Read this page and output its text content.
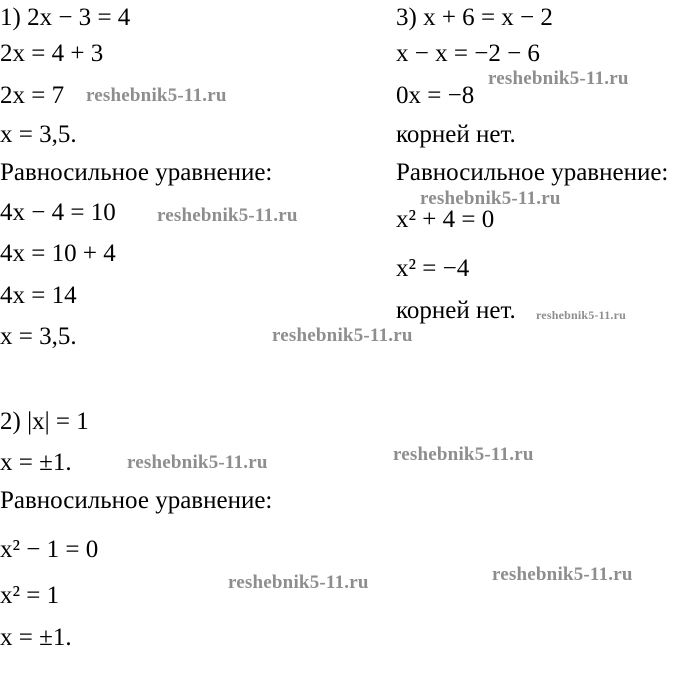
1) 2x − 3 = 4
2x = 4 + 3
2x = 7
x = 3,5.
Равносильное уравнение:
4x − 4 = 10
4x = 10 + 4
4x = 14
x = 3,5.
2) |x| = 1
x = ±1.
Равносильное уравнение:
x² − 1 = 0
x² = 1
x = ±1.
3) x + 6 = x − 2
x − x = −2 − 6
0x = −8
корней нет.
Равносильное уравнение:
x² + 4 = 0
x² = −4
корней нет.
reshebnik5-11.ru
reshebnik5-11.ru
reshebnik5-11.ru
reshebnik5-11.ru
reshebnik5-11.ru
reshebnik5-11.ru
reshebnik5-11.ru	reshebnik5-11.ru
reshebnik5-11.ru	reshebnik5-11.ru
